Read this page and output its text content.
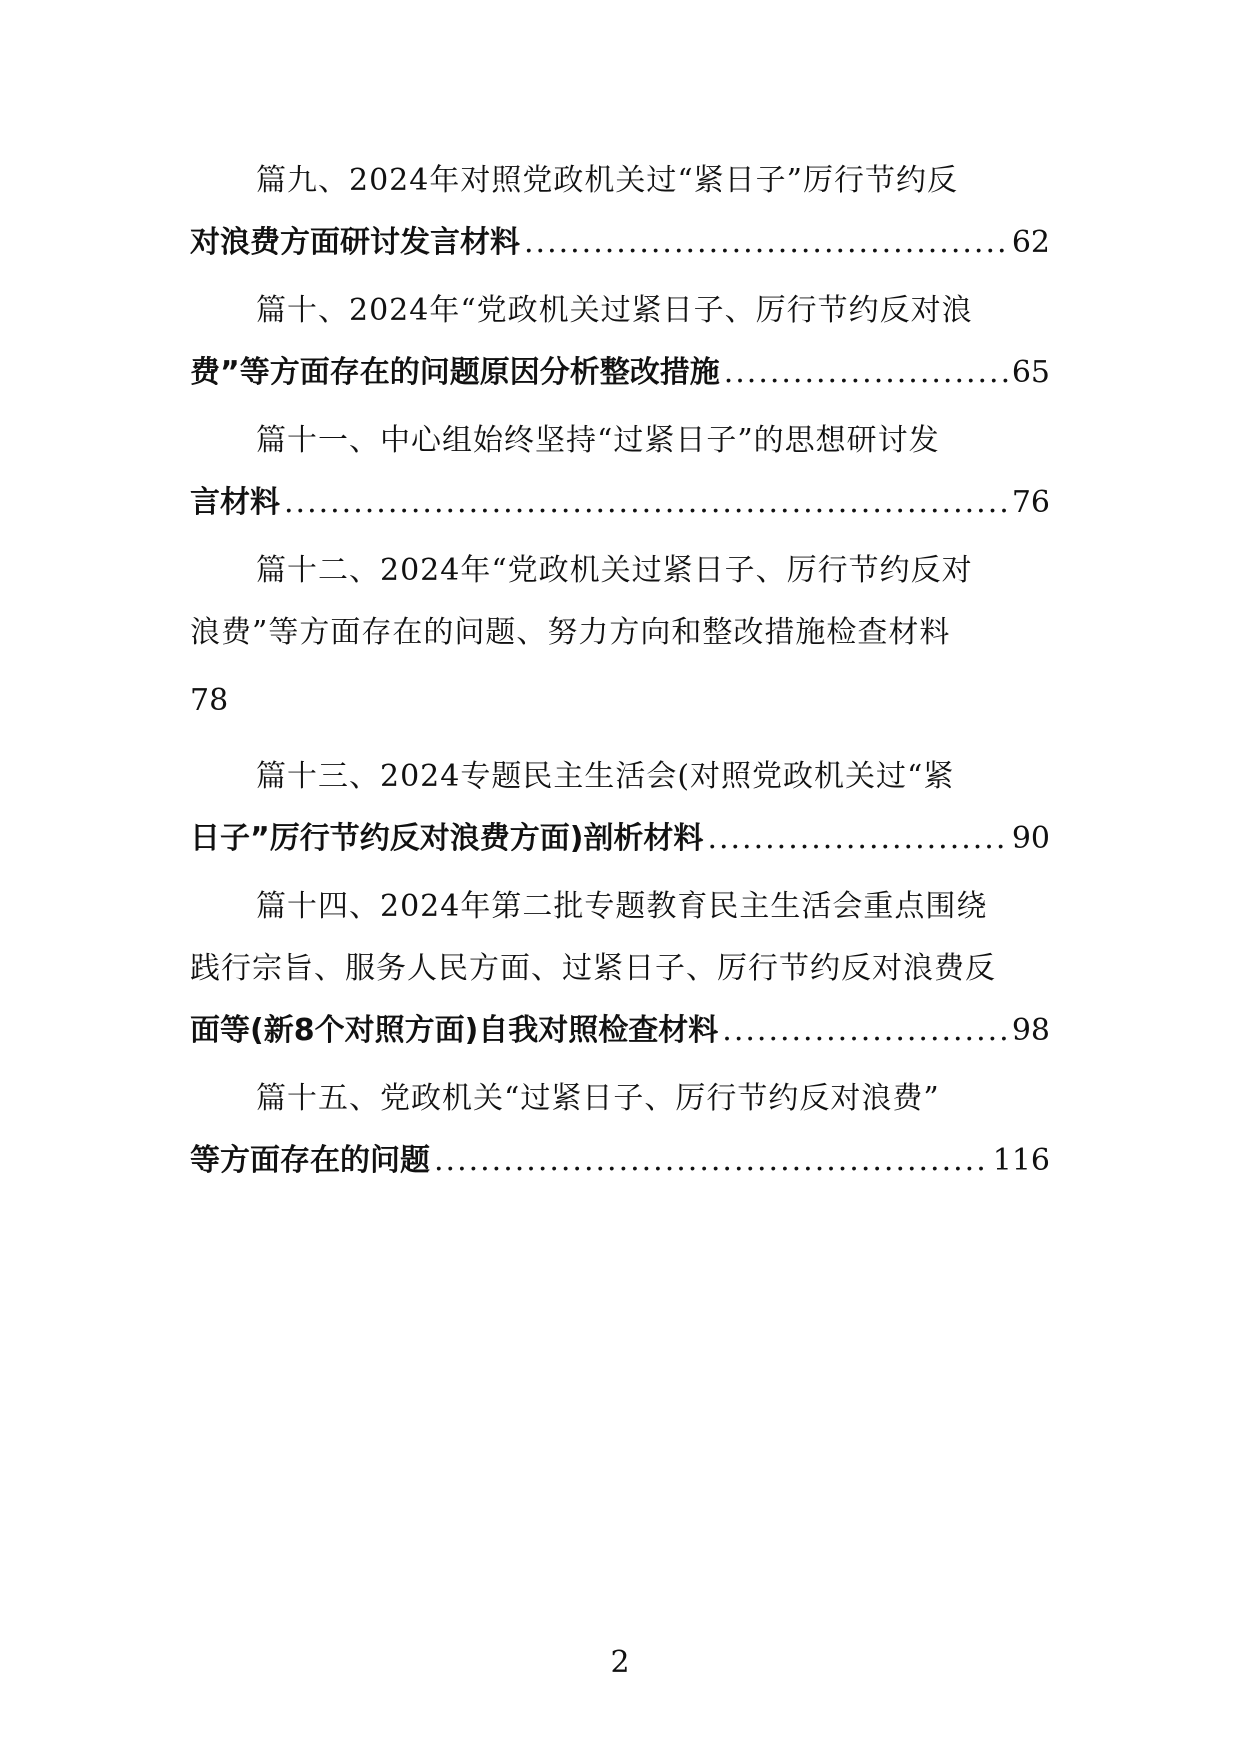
篇九、2024年对照党政机关过“紧日子”厉行节约反
对浪费方面研讨发言材料 .....	62
篇十、2024年“党政机关过紧日子、厉行节约反对浪
费”等方面存在的问题原因分析整改措施 .....	65
篇十一、中心组始终坚持“过紧日子”的思想研讨发
言材料 .....	76
篇十二、2024年“党政机关过紧日子、厉行节约反对
浪费”等方面存在的问题、努力方向和整改措施检查材料
78
篇十三、2024专题民主生活会(对照党政机关过“紧
日子”厉行节约反对浪费方面)剖析材料 .....	90
篇十四、2024年第二批专题教育民主生活会重点围绕
践行宗旨、服务人民方面、过紧日子、厉行节约反对浪费反
面等(新8个对照方面)自我对照检查材料 .....	98
篇十五、党政机关“过紧日子、厉行节约反对浪费”
等方面存在的问题 .....	116
2
